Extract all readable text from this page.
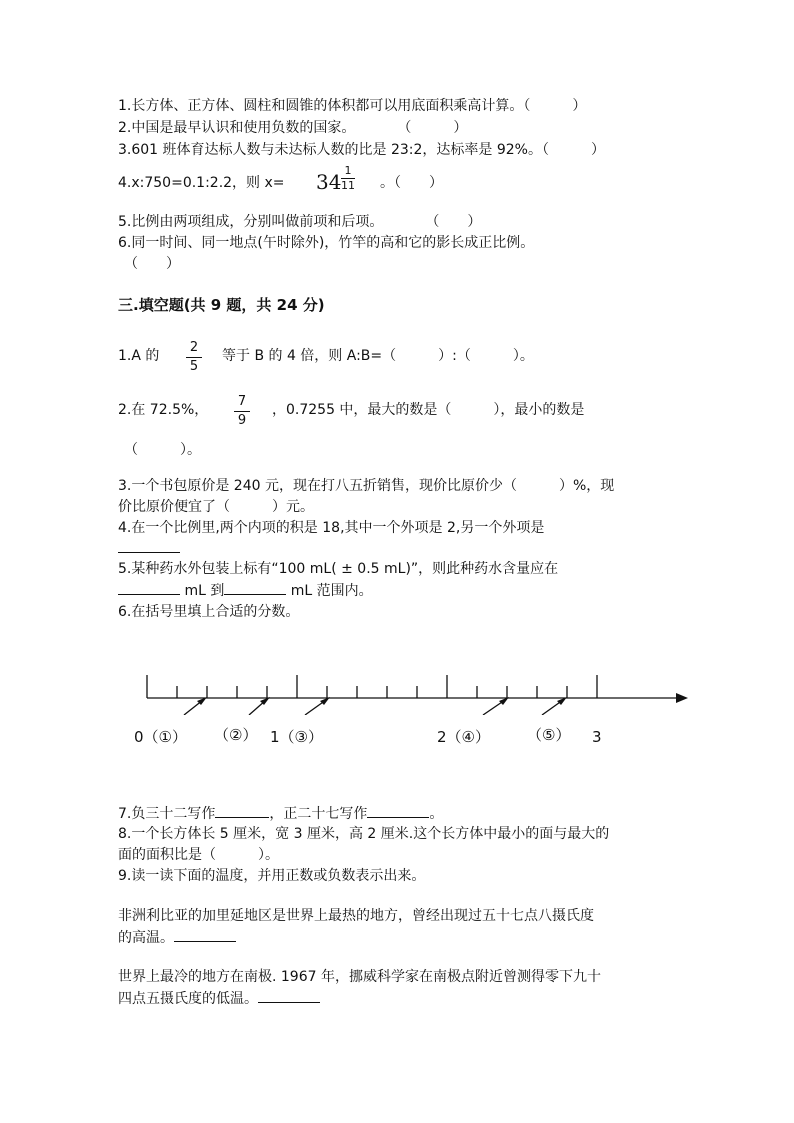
1.长方体、正方体、圆柱和圆锥的体积都可以用底面积乘高计算。（　　　）
2.中国是最早认识和使用负数的国家。　　　　（　　　）
3.601 班体育达标人数与未达标人数的比是 23:2，达标率是 92%。（　　　）
4.x:750=0.1:2.2，则 x= 34 1
11 。（　　）
5.比例由两项组成，分别叫做前项和后项。　　　　（　　）
6.同一时间、同一地点(午时除外)，竹竿的高和它的影长成正比例。
（　　）
三.填空题(共 9 题，共 24 分)
1.A 的
2
5
等于 B 的 4 倍，则 A:B=（　　　）:（　　　）。
2.在 72.5%，
7
9
，0.7255 中，最大的数是（　　　），最小的数是
（　　　）。
3.一个书包原价是 240 元，现在打八五折销售，现价比原价少（　　　）%，现
价比原价便宜了（　　　）元。
4.在一个比例里,两个内项的积是 18,其中一个外项是 2,另一个外项是
5.某种药水外包装上标有“100 mL( ± 0.5 mL)”，则此种药水含量应在
mL 到	mL 范围内。
6.在括号里填上合适的分数。
0（①） （②） 1（③）	2（④） （⑤） 3
7.负三十二写作	，正二十七写作	。
8.一个长方体长 5 厘米，宽 3 厘米，高 2 厘米.这个长方体中最小的面与最大的
面的面积比是（　　　）。
9.读一读下面的温度，并用正数或负数表示出来。
非洲利比亚的加里延地区是世界上最热的地方，曾经出现过五十七点八摄氏度
的高温。
世界上最冷的地方在南极. 1967 年，挪威科学家在南极点附近曾测得零下九十
四点五摄氏度的低温。
